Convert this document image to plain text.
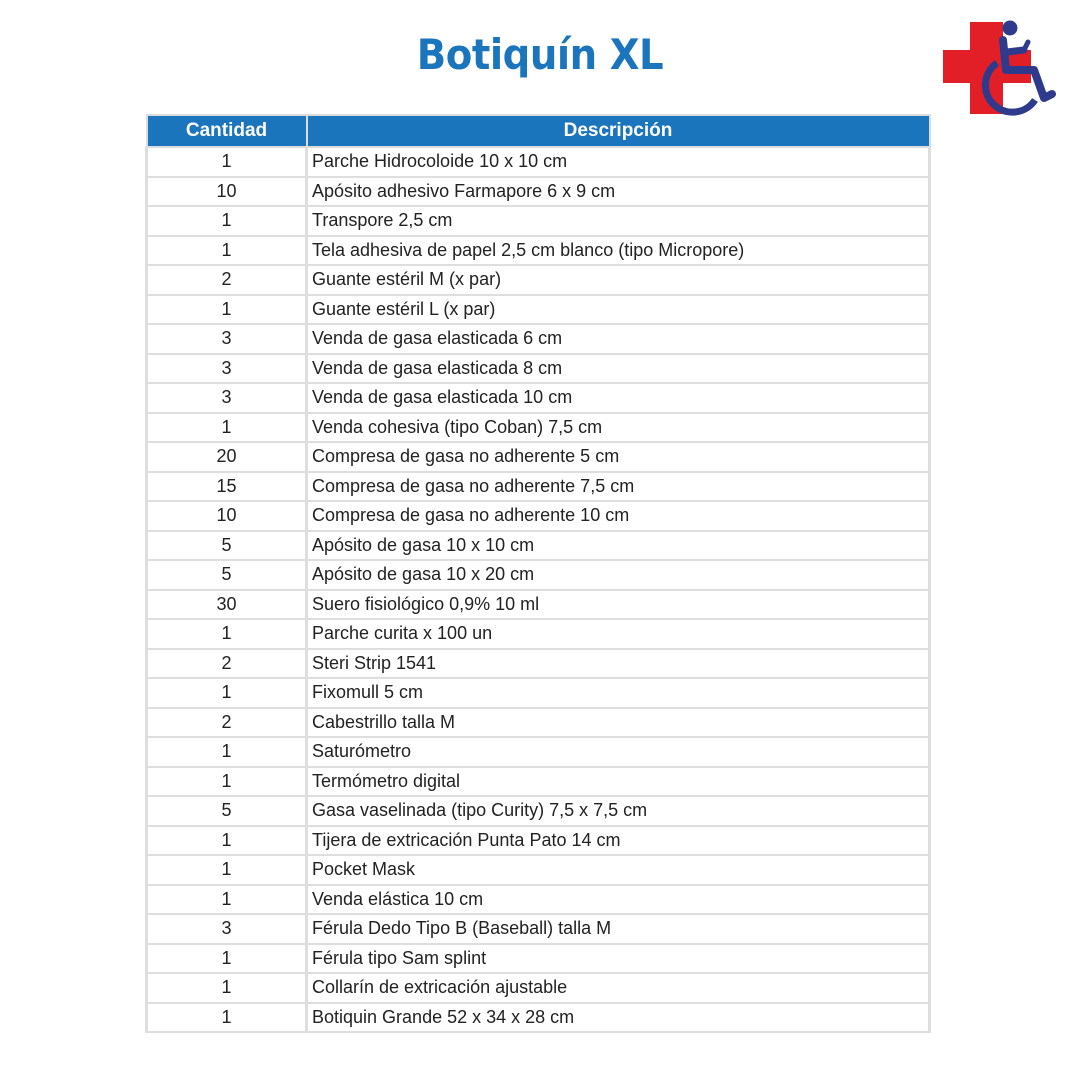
Botiquín XL
Cantidad	Descripción
1	Parche Hidrocoloide 10 x 10 cm
10	Apósito adhesivo Farmapore 6 x 9 cm
1	Transpore 2,5 cm
1	Tela adhesiva de papel 2,5 cm blanco (tipo Micropore)
2	Guante estéril M (x par)
1	Guante estéril L (x par)
3	Venda de gasa elasticada 6 cm
3	Venda de gasa elasticada 8 cm
3	Venda de gasa elasticada 10 cm
1	Venda cohesiva (tipo Coban) 7,5 cm
20	Compresa de gasa no adherente 5 cm
15	Compresa de gasa no adherente 7,5 cm
10	Compresa de gasa no adherente 10 cm
5	Apósito de gasa 10 x 10 cm
5	Apósito de gasa 10 x 20 cm
30	Suero fisiológico 0,9% 10 ml
1	Parche curita x 100 un
2	Steri Strip 1541
1	Fixomull 5 cm
2	Cabestrillo talla M
1	Saturómetro
1	Termómetro digital
5	Gasa vaselinada (tipo Curity) 7,5 x 7,5 cm
1	Tijera de extricación Punta Pato 14 cm
1	Pocket Mask
1	Venda elástica 10 cm
3	Férula Dedo Tipo B (Baseball) talla M
1	Férula tipo Sam splint
1	Collarín de extricación ajustable
1	Botiquin Grande 52 x 34 x 28 cm
